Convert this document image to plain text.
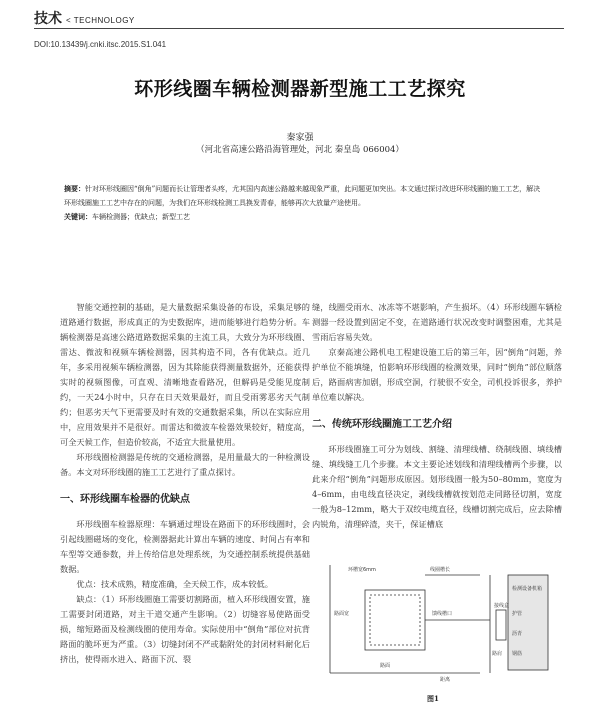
技术 < TECHNOLOGY
DOI:10.13439/j.cnki.itsc.2015.S1.041
环形线圈车辆检测器新型施工工艺探究
秦家强
（河北省高速公路沿海管理处，河北 秦皇岛 066004）
摘要：针对环形线圈因“倒角”问题而长让管理者头疼，尤其国内高速公路越来越现象严重，此问题更加突出。本文通过探讨改进环形线圈的施工工艺，解决环形线圈施工工艺中存在的问题，为我们在环形线检测工具换发青春，能够再次大放量产途使用。
关键词：车辆检测器；优缺点；新型工艺

智能交通控制的基础，是大量数据采集设备的布设，采集足够的道路通行数据，形成真正的为史数据库，进而能够进行趋势分析。车辆检测器是高速公路道路数据采集的主流工具，大致分为环形线圈、雷达、微波和视频车辆检测器，因其构造不同，各有优缺点。近几年，多采用视频车辆检测器，因为其除能获得测量数据外，还能获得实时的视频图像，可直观、清晰地查看路况，但解码是受能见度制约，一天24小时中，只存在日天效果最好，而且受雨雾恶劣天气制约；但恶劣天气下更需要及时有效的交通数据采集，所以在实际应用中，应用效果并不是很好。而雷达和微波车检器效果较好，精度高，可全天候工作，但造价较高，不适宜大批量使用。

环形线圈检测器是传统的交通检测器，是用量最大的一种检测设备。本文对环形线圈的施工工艺进行了重点探讨。

一、环形线圈车检器的优缺点

环形线圈车检器原理：车辆通过埋设在路面下的环形线圈时，会引起线圈磁场的变化，检测器据此计算出车辆的速度、时间占有率和车型等交通参数，并上传给信息处理系统，为交通控制系统提供基础数据。

优点：技术成熟，精度准确，全天候工作，成本较低。

缺点：（1）环形线圈施工需要切割路面，植入环形线圈安置，施工需要封闭道路，对主干道交通产生影响。（2）切缝容易使路面受损，缩短路面及检测线圈的使用寿命。实际使用中“倒角”部位对抗背路面的脆坏更为严重。（3）切缝封闭不严或黏附处的封闭材料耐化后挤出，使得雨水进入、路面下沉、裂

缝，线圈受雨水、冰冻等不堪影响，产生损坏。（4）环形线圈车辆检测器一经设置到固定不变，在道路通行状况改变时调整困难，尤其是雪雨后容易失效。

京秦高速公路机电工程建设施工后的第三年，因“倒角”问题，养护单位不能填缝，怕影响环形线圈的检测效果，同时“倒角”部位顺落后，路面病害加剧，形成空洞，行驶很不安全，司机投诉很多，养护单位难以解决。

二、传统环形线圈施工工艺介绍

环形线圈施工可分为划线、割缝、清理线槽、绕制线圈、填线槽缝、填线缝工几个步骤。本文主要论述划线和清理线槽两个步骤，以此来介绍“倒角”问题形成原因。划形线圈一般为50–80mm，宽度为4–6mm，由电线直径决定，剥线线槽就按划范走同路径切割，宽度一般为8–12mm，略大于双绞电缆直径，线槽切割完成后，应去除槽内锐角，清理碎渣，夹干，保证槽底

环槽宽6mm	线圈槽长
馈线槽口
接线盒
路肩
检测设备机箱
护管
沥青
钢筋
路面
路面宽
距离
图1
